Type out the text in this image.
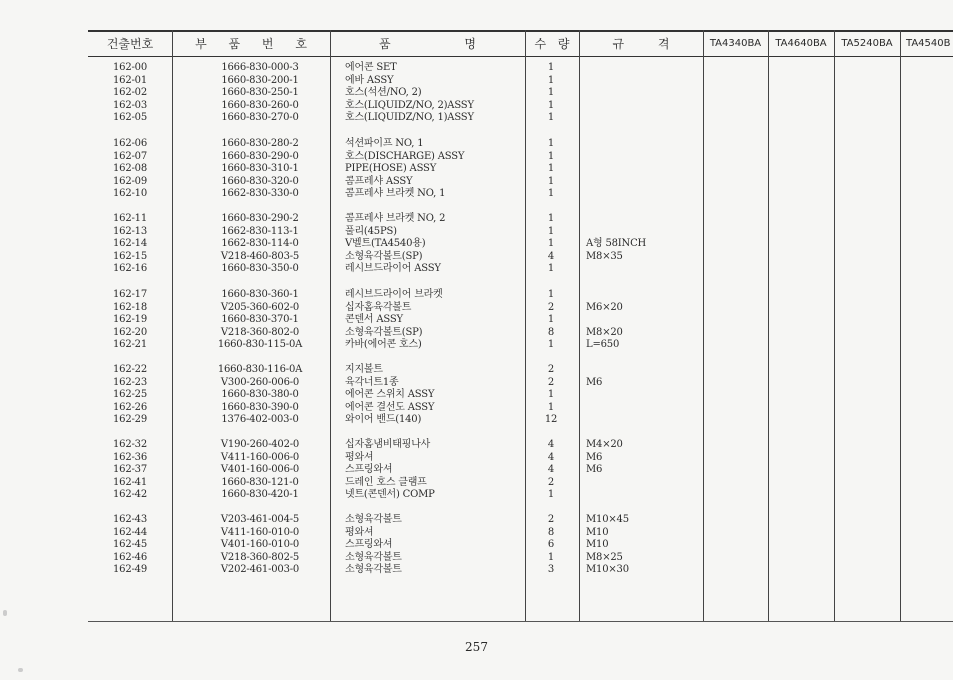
건출번호	부 품 번 호	품 명	수 량	규 격	TA4340BA	TA4640BA	TA5240BA	TA4540B
162-00	1666-830-000-3	에어콘 SET	1
162-01	1660-830-200-1	에바 ASSY	1
162-02	1660-830-250-1	호스(석션/NO, 2)	1
162-03	1660-830-260-0	호스(LIQUIDZ/NO, 2)ASSY	1
162-05	1660-830-270-0	호스(LIQUIDZ/NO, 1)ASSY	1
162-06	1660-830-280-2	석션파이프 NO, 1	1
162-07	1660-830-290-0	호스(DISCHARGE) ASSY	1
162-08	1660-830-310-1	PIPE(HOSE) ASSY	1
162-09	1660-830-320-0	콤프레샤 ASSY	1
162-10	1662-830-330-0	콤프레샤 브라켓 NO, 1	1
162-11	1660-830-290-2	콤프레샤 브라켓 NO, 2	1
162-13	1662-830-113-1	풀리(45PS)	1
162-14	1662-830-114-0	V벨트(TA4540용)	1	A형 58INCH
162-15	V218-460-803-5	소형육각볼트(SP)	4	M8×35
162-16	1660-830-350-0	레시브드라이어 ASSY	1
162-17	1660-830-360-1	레시브드라이어 브라켓	1
162-18	V205-360-602-0	십자홈육각볼트	2	M6×20
162-19	1660-830-370-1	콘덴서 ASSY	1
162-20	V218-360-802-0	소형육각볼트(SP)	8	M8×20
162-21	1660-830-115-0A	카바(에어콘 호스)	1	L=650
162-22	1660-830-116-0A	지지볼트	2
162-23	V300-260-006-0	육각너트1종	2	M6
162-25	1660-830-380-0	에어콘 스위치 ASSY	1
162-26	1660-830-390-0	에어콘 결선도 ASSY	1
162-29	1376-402-003-0	와이어 밴드(140)	12
162-32	V190-260-402-0	십자홈냄비태핑나사	4	M4×20
162-36	V411-160-006-0	평와셔	4	M6
162-37	V401-160-006-0	스프링와셔	4	M6
162-41	1660-830-121-0	드레인 호스 클램프	2
162-42	1660-830-420-1	넷트(콘덴서) COMP	1
162-43	V203-461-004-5	소형육각볼트	2	M10×45
162-44	V411-160-010-0	평와셔	8	M10
162-45	V401-160-010-0	스프링와셔	6	M10
162-46	V218-360-802-5	소형육각볼트	1	M8×25
162-49	V202-461-003-0	소형육각볼트	3	M10×30
257
